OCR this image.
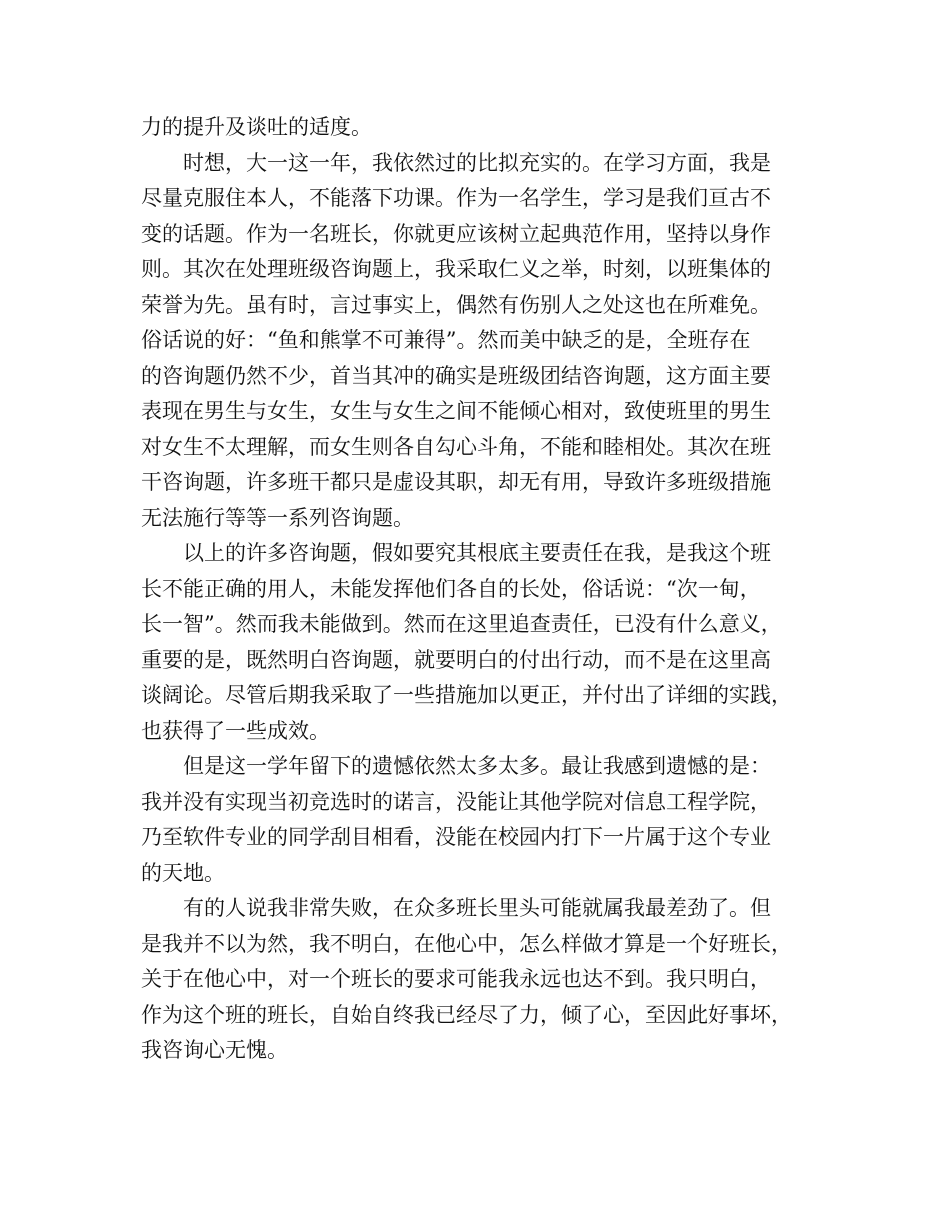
力的提升及谈吐的适度。
时想，大一这一年，我依然过的比拟充实的。在学习方面，我是
尽量克服住本人，不能落下功课。作为一名学生，学习是我们亘古不
变的话题。作为一名班长，你就更应该树立起典范作用，坚持以身作
则。其次在处理班级咨询题上，我采取仁义之举，时刻，以班集体的
荣誉为先。虽有时，言过事实上，偶然有伤别人之处这也在所难免。
俗话说的好：“鱼和熊掌不可兼得”。然而美中缺乏的是，全班存在
的咨询题仍然不少，首当其冲的确实是班级团结咨询题，这方面主要
表现在男生与女生，女生与女生之间不能倾心相对，致使班里的男生
对女生不太理解，而女生则各自勾心斗角，不能和睦相处。其次在班
干咨询题，许多班干都只是虚设其职，却无有用，导致许多班级措施
无法施行等等一系列咨询题。
以上的许多咨询题，假如要究其根底主要责任在我，是我这个班
长不能正确的用人，未能发挥他们各自的长处，俗话说：“次一甸，
长一智”。然而我未能做到。然而在这里追查责任，已没有什么意义，
重要的是，既然明白咨询题，就要明白的付出行动，而不是在这里高
谈阔论。尽管后期我采取了一些措施加以更正，并付出了详细的实践，
也获得了一些成效。
但是这一学年留下的遗憾依然太多太多。最让我感到遗憾的是：
我并没有实现当初竞选时的诺言，没能让其他学院对信息工程学院，
乃至软件专业的同学刮目相看，没能在校园内打下一片属于这个专业
的天地。
有的人说我非常失败，在众多班长里头可能就属我最差劲了。但
是我并不以为然，我不明白，在他心中，怎么样做才算是一个好班长，
关于在他心中，对一个班长的要求可能我永远也达不到。我只明白，
作为这个班的班长，自始自终我已经尽了力，倾了心，至因此好事坏，
我咨询心无愧。
